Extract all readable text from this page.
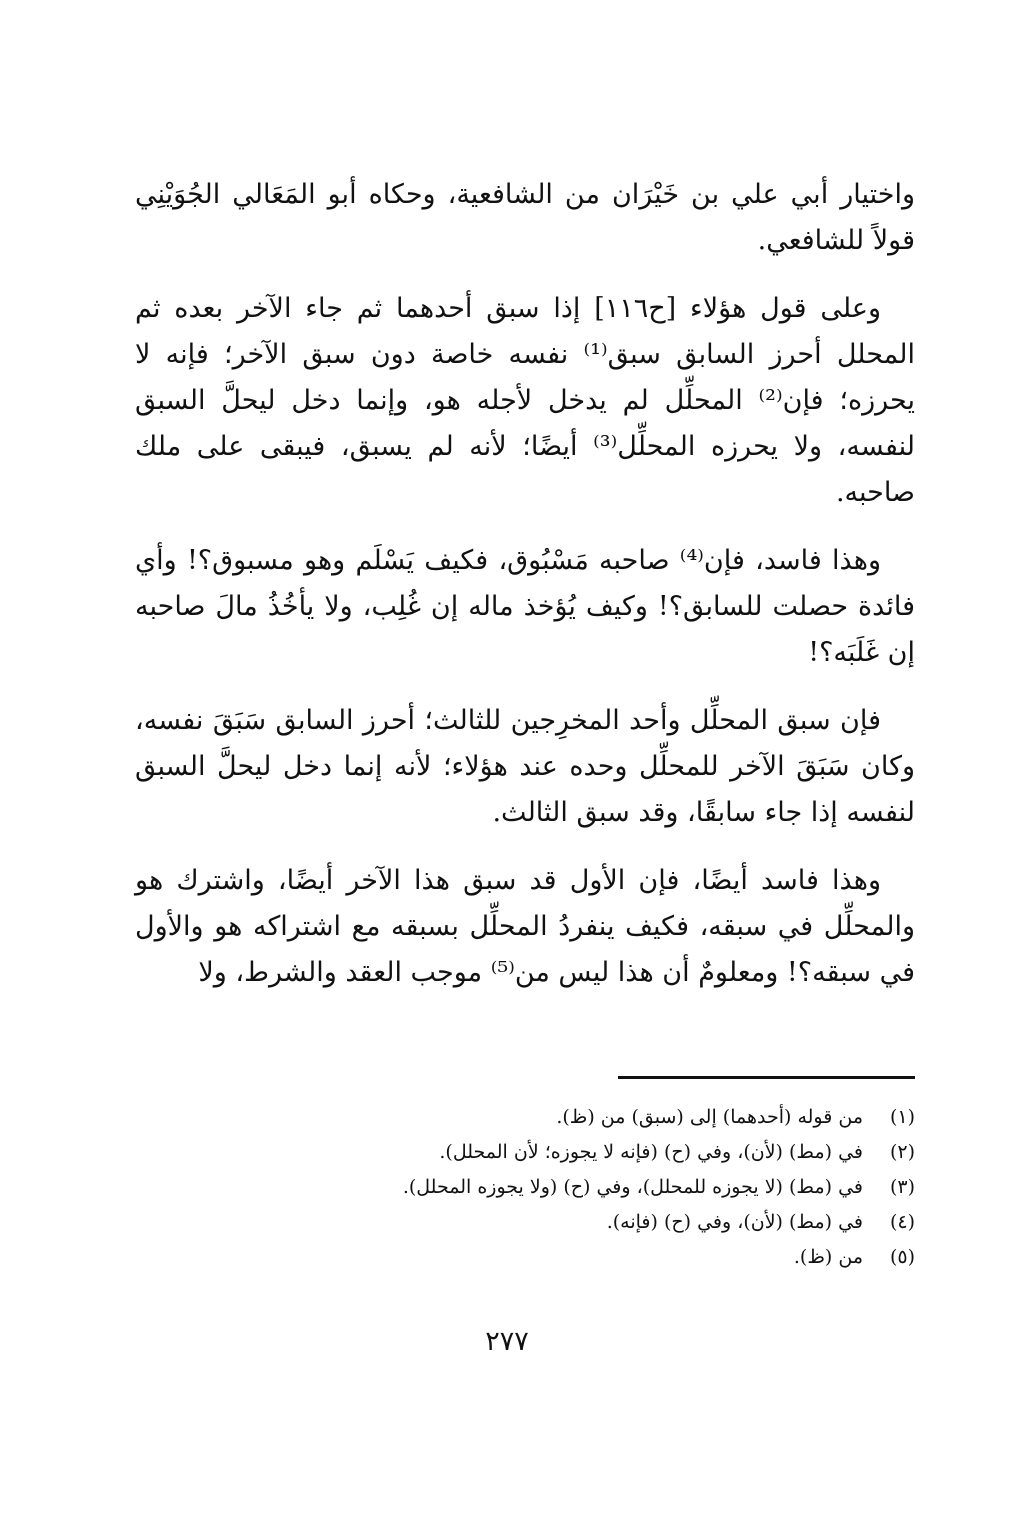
واختيار أبي علي بن خَيْرَان من الشافعية، وحكاه أبو المَعَالي الجُوَيْنِي قولاً للشافعي.

وعلى قول هؤلاء [ح١١٦] إذا سبق أحدهما ثم جاء الآخر بعده ثم المحلل أحرز السابق سبق⁽¹⁾ نفسه خاصة دون سبق الآخر؛ فإنه لا يحرزه؛ فإن⁽²⁾ المحلِّل لم يدخل لأجله هو، وإنما دخل ليحلَّ السبق لنفسه، ولا يحرزه المحلِّل⁽³⁾ أيضًا؛ لأنه لم يسبق، فيبقى على ملك صاحبه.

وهذا فاسد، فإن⁽⁴⁾ صاحبه مَسْبُوق، فكيف يَسْلَم وهو مسبوق؟! وأي فائدة حصلت للسابق؟! وكيف يُؤخذ ماله إن غُلِب، ولا يأخُذُ مالَ صاحبه إن غَلَبَه؟!

فإن سبق المحلِّل وأحد المخرِجين للثالث؛ أحرز السابق سَبَقَ نفسه، وكان سَبَقَ الآخر للمحلِّل وحده عند هؤلاء؛ لأنه إنما دخل ليحلَّ السبق لنفسه إذا جاء سابقًا، وقد سبق الثالث.

وهذا فاسد أيضًا، فإن الأول قد سبق هذا الآخر أيضًا، واشترك هو والمحلِّل في سبقه، فكيف ينفردُ المحلِّل بسبقه مع اشتراكه هو والأول في سبقه؟! ومعلومٌ أن هذا ليس من⁽⁵⁾ موجب العقد والشرط، ولا

(١)
من قوله (أحدهما) إلى (سبق) من (ظ).
(٢)
في (مط) (لأن)، وفي (ح) (فإنه لا يجوزه؛ لأن المحلل).
(٣)
في (مط) (لا يجوزه للمحلل)، وفي (ح) (ولا يجوزه المحلل).
(٤)
في (مط) (لأن)، وفي (ح) (فإنه).
(٥)
من (ظ).
٢٧٧
